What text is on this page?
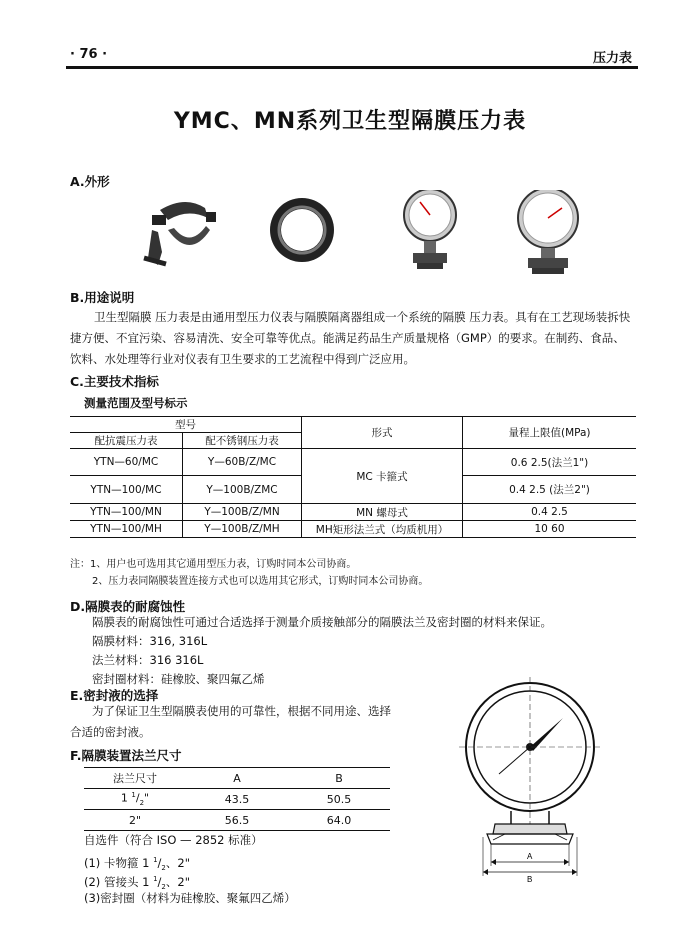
· 76 ·	压力表
YMC、MN系列卫生型隔膜压力表
A.外形
B.用途说明
卫生型隔膜 压力表是由通用型压力仪表与隔膜隔离器组成一个系统的隔膜 压力表。具有在工艺现场装拆快捷方便、不宜污染、容易清洗、安全可靠等优点。能满足药品生产质量规格（GMP）的要求。在制药、食品、饮料、水处理等行业对仪表有卫生要求的工艺流程中得到广泛应用。
C.主要技术指标
测量范围及型号标示
型号		形式	量程上限值(MPa)
配抗震压力表	配不锈钢压力表		
YTN—60/MC	Y—60B/Z/MC	MC 卡箍式	0.6 2.5(法兰1")
YTN—100/MC	Y—100B/ZMC		0.4 2.5 (法兰2")
YTN—100/MN	Y—100B/Z/MN	MN 螺母式	0.4 2.5
YTN—100/MH	Y—100B/Z/MH	MH矩形法兰式（均质机用）	10 60
注：1、用户也可选用其它通用型压力表，订购时同本公司协商。
2、压力表同隔膜装置连接方式也可以选用其它形式，订购时同本公司协商。
D.隔膜表的耐腐蚀性
隔膜表的耐腐蚀性可通过合适选择于测量介质接触部分的隔膜法兰及密封圈的材料来保证。
隔膜材料：316, 316L
法兰材料：316 316L
密封圈材料：硅橡胶、聚四氟乙烯
E.密封液的选择
为了保证卫生型隔膜表使用的可靠性，根据不同用途、选择合适的密封液。
F.隔膜装置法兰尺寸
法兰尺寸	A	B
1 $^1/_2$"	43.5	50.5
2"	56.5	64.0
自选件（符合 ISO — 2852 标准）
(1) 卡物箍 1 $^1/_2$、2"
(2) 管接头 1 $^1/_2$、2"
(3)密封圈（材料为硅橡胶、聚氟四乙烯）
A
B
